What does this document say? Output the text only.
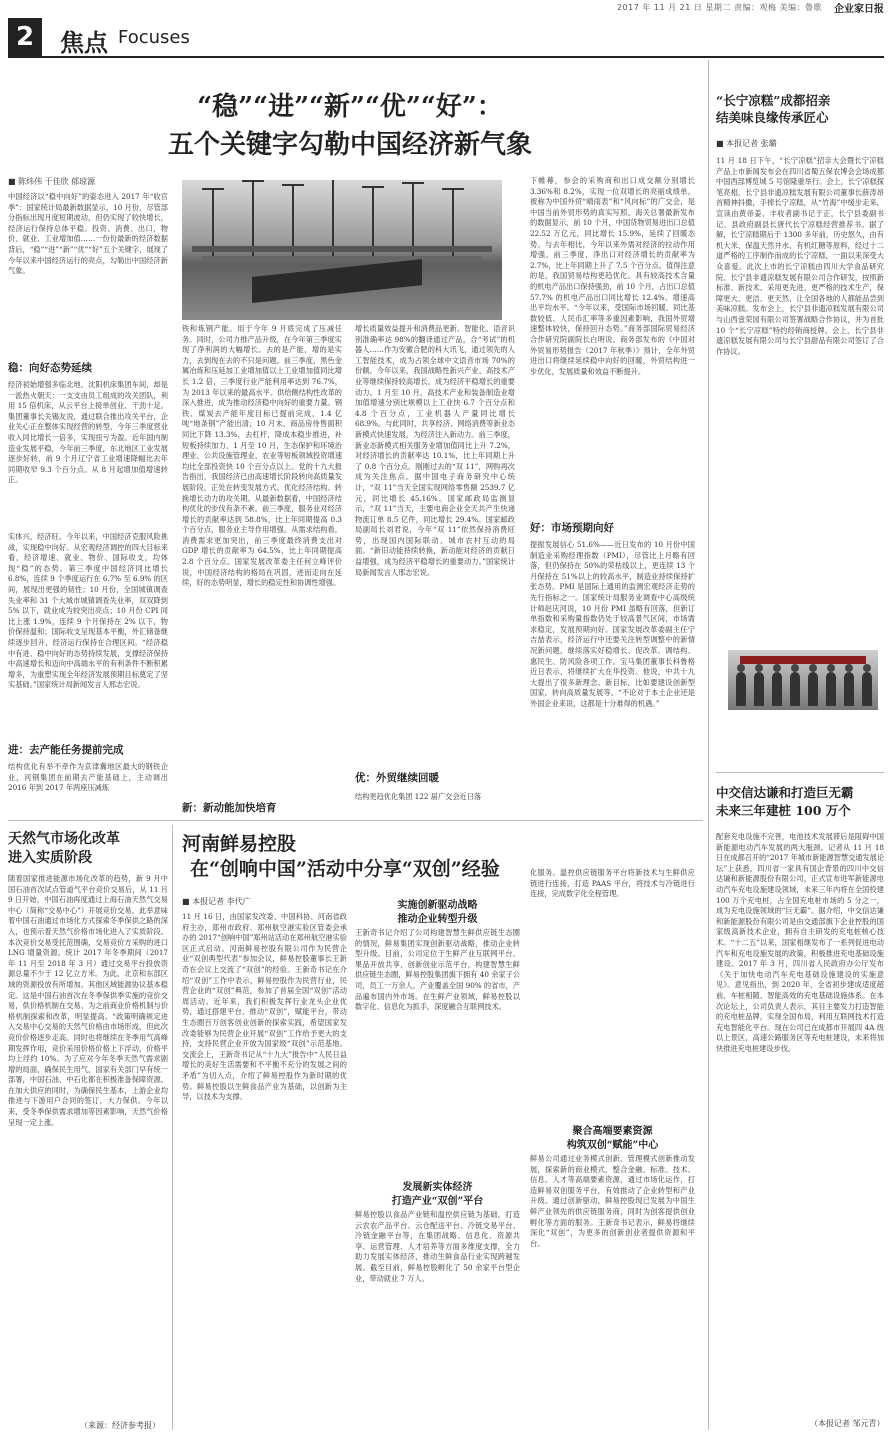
2017 年 11 月 21 日 星期二 责编：观梅 美编：鲁歌 企业家日报
2	焦点 Focuses
“稳”“进”“新”“优”“好”：
五个关键字勾勒中国经济新气象
■ 陈炜伟 于佳欣 郁琼源
中国经济以“稳中向好”的姿态进入 2017 年“收官季”：国家统计局最新数据显示，10 月份，尽管部分指标出现月度短期波动，但仍实现了较快增长，经济运行保持总体平稳。投资、消费、出口，物价、就业、工业增加值……一份份最新的经济数据背后，“稳”“进”“新”“优”“好”五个关键字，展现了今年以来中国经济运行的亮点，勾勒出中国经济新气象。
稳：向好态势延续
经济初始增强多临北地、沈阳机床集团车间，却是一派热火朝天：一支支由员工组成的攻关团队，利用 15 倍机床，从云平台上接单创业、干劲十足。集团董事长关锡友说，通过联合推出攻关平台，企业关心正在整体实现经营的转型、今年三季度营业收入同比增长一倍多，实现扭亏为盈。近年国内制造业发展平稳，今年前三季度，东北地区工业发展逐步好转，前 9 个月辽宁省工业增速降幅比去年同期收窄 9.3 个百分点。从 8 月起增加值增速转正。
实体兴，经济旺。今年以来，中国经济克服风险挑战，实现稳中向好。从宏观经济调控的四大目标来看，经济增速、就业、物价、国际收支，均体现“稳”的态势。第三季度中国经济同比增长 6.8%，连续 9 个季度运行在 6.7% 至 6.9% 的区间，展现出更强的韧性；10 月份，全国城镇调查失业率和 31 个大城市城镇调查失业率，双双降到 5% 以下，就业成为较突出亮点；10 月份 CPI 同比上涨 1.9%，连续 9 个月保持在 2% 以下，物价保持温和；国际收支呈现基本平衡，外汇储备继续逐步回升，经济运行保持在合理区间。“经济稳中有进、稳中向好的态势持续发展，支撑经济保持中高速增长和迈向中高端水平的有利条件不断积累增多，为重塑实现全年经济发展预期目标奠定了坚实基础。”国家统计局新闻发言人邢志宏说。
进：去产能任务提前完成
结构优化有举不牵作为京津冀地区最大的钢铁企业，河钢集团在前期去产能基础上，主动调出 2016 年到 2017 年两座压减炼
铁和炼钢产能。用于今年 9 月底完成了压减任务。同时，公司力推产品升级，在今年第三季度实现了净利润的大幅增长。去的是产能，增的是实力，去到现在去的不只是问题。前三季度，黑色金属冶炼和压延加工业增加值以上工业增加值同比增长 1.2 倍，三季度行业产能利用率达到 76.7%，为 2013 年以来的最高水平。供给侧结构性改革的深入推进，成为推动经济稳中向好的重要力量。钢铁、煤炭去产能年度目标已提前完成，1.4 亿吨“地条钢”产能出清；10 月末，商品房待售面积同比下降 13.3%，去杠杆，降成本稳步推进，补短板持续加力，1 月至 10 月，生态保护和环境治理业、公共设施管理业、农业等短板领域投资增速均比全部投资快 10 个百分点以上。党的十九大报告指出，我国经济已由高速增长阶段转向高质量发展阶段，正处在转变发展方式、优化经济结构、转换增长动力的攻关期。从最新数据看，中国经济结构优化的步伐有条不紊。前三季度，服务业对经济增长的贡献率达到 58.8%，比上年同期提高 0.3 个百分点，服务业主导作用增强。从需求结构看，消费需求更加突出，前三季度最终消费支出对 GDP 增长的贡献率为 64.5%，比上年同期提高 2.8 个百分点。国家发展改革委主任何立峰评价说，中国经济结构的格局在巩固，进而走向在延续，好的态势明显，增长的稳定性和协调性增强。
新：新动能加快培育
增长质量效益提升和消费品更新、智能化、语音识别准确率达 98%的翻译通过产品，合“考试”的机器人……作为安徽合肥的科大讯飞，通过领先的人工智能技术，成为占领全球中文语音市场 70%的份额。今年以来，我国战略性新兴产业、高技术产业等继续保持较高增长，成为经济平稳增长的重要动力。1 月至 10 月，高技术产业和装备制造业增加值增速分别比规模以上工业快 6.7 个百分点和 4.8 个百分点，工业机器人产量同比增长 68.9%。与此同时，共享经济、网络消费等新业态新模式快速发展，为经济注入新动力。前三季度，新业态新模式相关服务业增加值同比上升 7.2%，对经济增长的贡献率达 10.1%，比上年同期上升了 0.8 个百分点。刚刚过去的“双 11”，网购再次成为关注焦点。据中国电子商务研究中心统计，“双 11”当天全国实现网络零售额 2539.7 亿元，同比增长 45.16%。国家邮政局监测显示，“双 11”当天，主要电商企业全天共产生快递物流订单 8.5 亿件，同比增长 29.4%。国家邮政局副局长刘君说，今年“双 11”依然保持消费旺势，出现国内国际联动、城市农村互动的局面。“新旧动能持续转换，新动能对经济的贡献日益增强，成为经济平稳增长的重要动力。”国家统计局新闻发言人邢志宏说。
优：外贸继续回暖
结构更趋优化集团 122 届广交会近日落
下帷幕，参会的采购商和出口成交额分别增长 3.36%和 8.2%，实现一位双增长的亮丽成绩单。被称为中国外贸“晴雨表”和“风向标”的广交会，是中国当前外贸形势的真实写照。海关总署最新发布的数据显示，前 10 个月，中国货物贸易进出口总值 22.52 万亿元，同比增长 15.9%，延续了回暖态势。与去年相比，今年以来外需对经济的拉动作用增强。前三季度，净出口对经济增长的贡献率为 2.7%，比上年同期上升了 7.5 个百分点。值得注意的是，我国贸易结构更趋优化。具有较高技术含量的机电产品出口保持强劲，前 10 个月，占出口总值 57.7% 的机电产品出口同比增长 12.4%。增速高出平均水平。“今年以来，受国际市场回暖、同比基数较低、人民币汇率等多重因素影响，我国外贸增速整体较快，保持回升态势。”商务部国际贸易经济合作研究院副院长白明说。商务部发布的《中国对外贸易形势报告（2017 年秋季）》预计，全年外贸进出口将继续延续稳中向好的回暖，外贸结构进一步优化，发展质量和效益不断提升。
好：市场预期向好
提振发展信心 51.6%——近日发布的 10 月份中国制造业采购经理指数（PMI），尽管比上月略有回落，但仍保持在 50%的荣枯线以上，更连续 13 个月保持在 51%以上的较高水平，制造业持续保持扩张态势。PMI 是国际上通用的监测宏观经济走势的先行指标之一。国家统计局服务业调查中心高级统计师赵庆河说，10 月份 PMI 虽略有回落，但新订单指数和采购量指数仍处于较高景气区间，市场需求稳定，发展预期向好。国家发展改革委副主任宁吉喆表示，经济运行中还要关注转型调整中的新情况新问题，继续落实好稳增长、促改革、调结构、惠民生、防风险各项工作。宝马集团董事长科鲁格近日表示，将继续扩大在华投资。他说，中共十九大提出了很多新理念、新目标，比如要建设创新型国家，转向高质量发展等。“不论对于本土企业还是外国企业来说，这都是十分难得的机遇。”
天然气市场化改革
进入实质阶段
随着国家推进能源市场化改革的趋势，新 9 月中国石油首次试点管道气平台竞价交易后，从 11 月 9 日开始，中国石油再度通过上海石油天然气交易中心（简称“交易中心”）开展竞价交易，此举意味着中国石油通过市场化方式探索冬季保供之路的深入，也预示着天然气价格市场化进入了实质阶段。本次竞价交易受托范围确，交易竞价方采购的进口 LNG 增量资源。统计 2017 年冬季期间（2017 年 11 月至 2018 年 3 月）通过交易平台投放资源总量不少于 12 亿立方米。为此，北京和东部区域的资源投放有所增加。其他区域能源协议基本稳定。这是中国石油首次在冬季保供季实施的竞价交易，供价格机制在交易、为之前商业价格机制与价格机制探索和改革，明显提高。“政策明确规定进入交易中心交易的天然气价格由市场形成，但此次竞价价格逐步走高。同时也将继续在冬季用气高峰期发挥作用，竞价采用价格价格上下浮动，价格平均上浮约 10%。为了应对今年冬季天然气需求剧增的局面，确保民生用气，国家有关部门早有统一部署，中国石油、中石化都在积极准备保障资源。在加大供应的同时，为确保民生基本，上游企业均推进与下游用户合同的签订，大力保供。今年以来，受冬季保供需求增加等因素影响，天然气价格呈现一定上涨。
（来源：经济参考报）
河南鲜易控股
在“创响中国”活动中分享“双创”经验
■ 本报记者 李代广
11 月 16 日，由国家发改委、中国科协、河南省政府主办，郑州市政府、郑州航空港实验区管委会承办的 2017“创响中国”郑州站活动在郑州航空港实验区正式启动。河南鲜易控股有限公司作为民营企业“双创典型代表”参加会议，鲜易控股董事长王新奇在会议上交流了“双创”的经验。王新奇书记在介绍“双创”工作中表示，鲜易控股作为民营行业，民营企业的“双创”典范，参加了首届全国“双创”活动周活动。近年来，我们积极发挥行业龙头企业优势，通过搭建平台、推动“双创”，赋能平台，带动生态圈百万创客创业创新的探索实践，希望国家发改委能够为民营企业开展“双创”工作给予更大的支持，支持民营企业开放为国家级“双创”示范基地。交流会上，王新奇书记从“十九大”报告中“人民日益增长的美好生活需要和不平衡不充分的发展之间的矛盾”为切入点，介绍了鲜易控股作为新时期的优势。鲜易控股以生鲜食品产业为基础，以创新为主导，以技术为支撑。
实施创新驱动战略
推动企业转型升级
王新奇书记介绍了公司构建智慧生鲜供应链生态圈的情况，鲜易集团实现创新驱动战略，推动企业转型升级。目前，公司定位于生鲜产业互联网平台、果品开放共享、创新创业示范平台，构建智慧生鲜供应链生态圈，鲜易控股集团旗下拥有 40 余家子公司，员工一万余人，产业覆盖全国 90% 的省市，产品遍布国内外市场。在生鲜产业领域，鲜易控股以数字化、信息化为抓手，深度融合互联网技术。
发展新实体经济
打造产业“双创”平台
鲜易控股以食品产业链和温控供应链为基础，打造云农农产品平台、云仓配送平台、冷链交易平台、冷链金融平台等，在集团战略、信息化、资源共享、运营管理、人才培养等方面多维度支撑，全力助力发展实体经济，推动生鲜食品行业实现跨越发展。截至目前，鲜易控股孵化了 50 余家平台型企业，带动就业 7 万人。
化服务。温控供应链服务平台将新技术与生鲜供应链进行连接，打造 PAAS 平台，将技术与冷链进行连接，完成数字化全程管理。
聚合高端要素资源
构筑双创“赋能”中心
鲜易公司通过业务模式创新、管理模式创新推动发展，探索新的商业模式，整合金融、标准、技术、信息、人才等高端要素资源，通过市场化运作，打造鲜易双创服务平台，有效推动了企业转型和产业升级。通过创新驱动，鲜易控股现已发展为中国生鲜产业领先的供应链服务商，同时为创客提供创业孵化等方面的服务。王新奇书记表示，鲜易将继续深化“双创”，为更多的创新创业者提供资源和平台。
“长宁凉糕”成都招亲
结美味良缘传承匠心
■ 本报记者 张璐
11 月 18 日下午，“长宁凉糕”招亲大会暨长宁凉糕产品上市新闻发布会在四川省蜀五保农博会会场成都中国西部博览城 5 号馆隆重举行。会上，长宁凉糕探笔亮相，长宁县非遗凉糕发展有限公司董事长薛涛昂首精神抖擞，手捧长宁凉糕，从“竹海”中缓步走来，宣读由黄帝姜、丰收者副书记于正，长宁县委副书记、县政府副县长唐代长宁凉糕经营推荐书。据了解，长宁凉糕期后于 1300 多年前，历史悠久，由有机大米、保温天然井水、有机红糖等原料，经过十二道严格的工序制作而成的长宁凉糕，一面以来深受大众喜爱。此次上市的长宁凉糕由四川大学食品研究院、长宁县非遗凉糕发展有限公司合作研发，按照新标准、新技术、采用更先进、更严格的技术生产，保障更大、更洁、更天然，让全国各地的人都能品尝到美味凉糕。发布会上，长宁县非遗凉糕发展有限公司与山西壹荣园有限公司签署战略合作协议，并为首批 10 个“长宁凉糕”特约经销商授牌。会上，长宁县非遗凉糕发展有限公司与长宁县甜品有限公司签订了合作协议。
中交信达谦和打造巨无霸
未来三年建桩 100 万个
配套充电设施不完善，电池技术发展滞后是阻碍中国新能源电动汽车发展的两大瓶颈。记者从 11 月 18 日在成都召开的“2017 年城市新能源智慧交通发展论坛”上获悉，四川省一家具有国企背景的四川中交信达谦和新能源股份有限公司，正式宣布进军新能源电动汽车充电设施建设领域，未来三年内将在全国投建 100 万个充电桩，占全国充电桩市场的 5 分之一，成为充电设施领域的“巨无霸”。据介绍，中交信达谦和新能源股份有限公司是由交通部旗下企业控股的国家级高新技术企业，拥有自主研发的充电桩核心技术。“十二五”以来，国家相继发布了一系列促进电动汽车和充电设施发展的政策，积极推进充电基础设施建设。2017 年 3 月，四川省人民政府办公厅发布《关于加快电动汽车充电基础设施建设的实施意见》。意见指出，到 2020 年，全省初步建成适度超前、车桩相随、智能高效的充电基础设施体系。在本次论坛上，公司负责人表示，其目主要发力打造智能的充电桩品牌，实现全国布局，利用互联网技术打造充电智能化平台。现在公司已在成都市开展四 4A 级以上景区，高速公路服务区等充电桩建设，未来将加快推进充电桩建设步伐。
（本报记者 邹元青）
